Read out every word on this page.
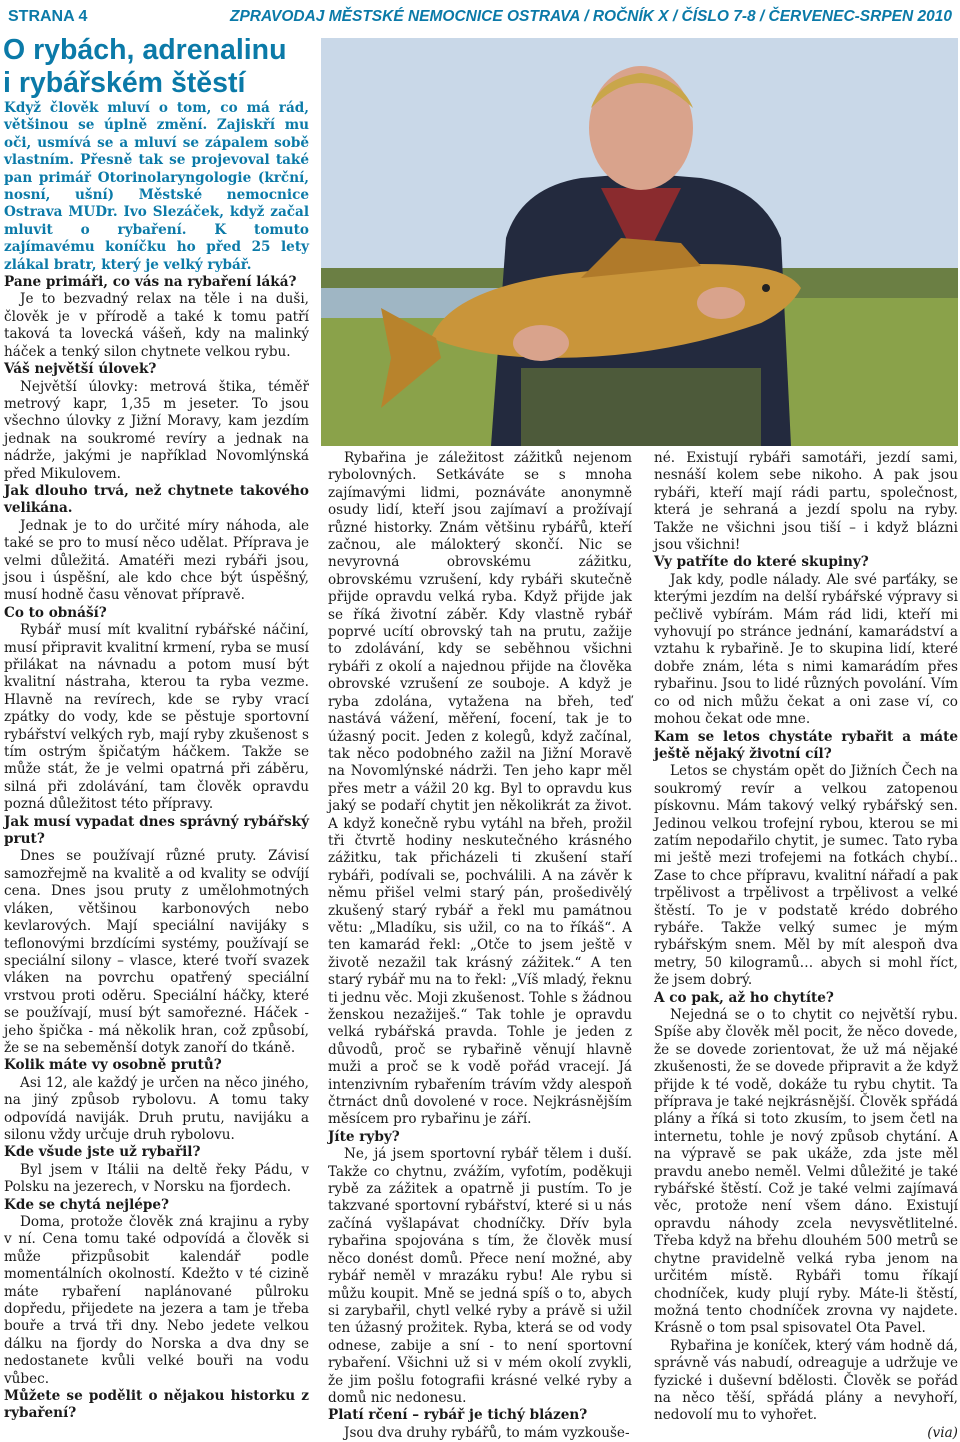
STRANA 4	ZPRAVODAJ MĚSTSKÉ NEMOCNICE OSTRAVA / ROČNÍK X / ČÍSLO 7-8 / ČERVENEC-SRPEN 2010
O rybách, adrenalinu
i rybářském štěstí

Když člověk mluví o tom, co má rád, většinou se úplně změní. Zajiskří mu oči, usmívá se a mluví se zápalem sobě vlastním. Přesně tak se projevoval také pan primář Otorinolaryngologie (krční, nosní, ušní) Městské nemocnice Ostrava MUDr. Ivo Slezáček, když začal mluvit o rybaření. K tomuto zajímavému koníčku ho před 25 lety zlákal bratr, který je velký rybář.

Pane primáři, co vás na rybaření láká?

Je to bezvadný relax na těle i na duši, člověk je v přírodě a také k tomu patří taková ta lovecká vášeň, kdy na malinký háček a tenký silon chytnete velkou rybu.

Váš největší úlovek?

Největší úlovky: metrová štika, téměř metrový kapr, 1,35 m jeseter. To jsou všechno úlovky z Jižní Moravy, kam jezdím jednak na soukromé revíry a jednak na nádrže, jakými je například Novomlýnská před Mikulovem.

Jak dlouho trvá, než chytnete takového velikána.

Jednak je to do určité míry náhoda, ale také se pro to musí něco udělat. Příprava je velmi důležitá. Amatéři mezi rybáři jsou, jsou i úspěšní, ale kdo chce být úspěšný, musí hodně času věnovat přípravě.

Co to obnáší?

Rybář musí mít kvalitní rybářské náčiní, musí připravit kvalitní krmení, ryba se musí přilákat na návnadu a potom musí být kvalitní nástraha, kterou ta ryba vezme. Hlavně na revírech, kde se ryby vrací zpátky do vody, kde se pěstuje sportovní rybářství velkých ryb, mají ryby zkušenost s tím ostrým špičatým háčkem. Takže se může stát, že je velmi opatrná při záběru, silná při zdolávání, tam člověk opravdu pozná důležitost této přípravy.

Jak musí vypadat dnes správný rybářský prut?

Dnes se používají různé pruty. Závisí samozřejmě na kvalitě a od kvality se odvíjí cena. Dnes jsou pruty z umělohmotných vláken, většinou karbonových nebo kevlarových. Mají speciální navijáky s teflonovými brzdícími systémy, používají se speciální silony – vlasce, které tvoří svazek vláken na povrchu opatřený speciální vrstvou proti oděru. Speciální háčky, které se používají, musí být samořezné. Háček - jeho špička - má několik hran, což způsobí, že se na sebeměnší dotyk zanoří do tkáně.

Kolik máte vy osobně prutů?

Asi 12, ale každý je určen na něco jiného, na jiný způsob rybolovu. A tomu taky odpovídá naviják. Druh prutu, navijáku a silonu vždy určuje druh rybolovu.

Kde všude jste už rybařil?

Byl jsem v Itálii na deltě řeky Pádu, v Polsku na jezerech, v Norsku na fjordech.

Kde se chytá nejlépe?

Doma, protože člověk zná krajinu a ryby v ní. Cena tomu také odpovídá a člověk si může přizpůsobit kalendář podle momentálních okolností. Kdežto v té cizině máte rybaření naplánované půlroku dopředu, přijedete na jezera a tam je třeba bouře a trvá tři dny. Nebo jedete velkou dálku na fjordy do Norska a dva dny se nedostanete kvůli velké bouři na vodu vůbec.

Můžete se podělit o nějakou historku z rybaření?

Rybařina je záležitost zážitků nejenom rybolovných. Setkáváte se s mnoha zajímavými lidmi, poznáváte anonymně osudy lidí, kteří jsou zajímaví a prožívají různé historky. Znám většinu rybářů, kteří začnou, ale málokterý skončí. Nic se nevyrovná obrovskému zážitku, obrovskému vzrušení, kdy rybáři skutečně přijde opravdu velká ryba. Když přijde jak se říká životní záběr. Kdy vlastně rybář poprvé ucítí obrovský tah na prutu, zažije to zdolávání, kdy se seběhnou všichni rybáři z okolí a najednou přijde na člověka obrovské vzrušení ze souboje. A když je ryba zdolána, vytažena na břeh, teď nastává vážení, měření, focení, tak je to úžasný pocit. Jeden z kolegů, když začínal, tak něco podobného zažil na Jižní Moravě na Novomlýnské nádrži. Ten jeho kapr měl přes metr a vážil 20 kg. Byl to opravdu kus jaký se podaří chytit jen několikrát za život. A když konečně rybu vytáhl na břeh, prožil tři čtvrtě hodiny neskutečného krásného zážitku, tak přicházeli ti zkušení staří rybáři, podívali se, pochválili. A na závěr k němu přišel velmi starý pán, prošedivělý zkušený starý rybář a řekl mu památnou větu: „Mladíku, sis užil, co na to říkáš“. A ten kamarád řekl: „Otče to jsem ještě v životě nezažil tak krásný zážitek.“ A ten starý rybář mu na to řekl: „Víš mladý, řeknu ti jednu věc. Moji zkušenost. Tohle s žádnou ženskou nezažiješ.“ Tak tohle je opravdu velká rybářská pravda. Tohle je jeden z důvodů, proč se rybařině věnují hlavně muži a proč se k vodě pořád vracejí. Já intenzivním rybařením trávím vždy alespoň čtrnáct dnů dovolené v roce. Nejkrásnějším měsícem pro rybařinu je září.

Jíte ryby?

Ne, já jsem sportovní rybář tělem i duší. Takže co chytnu, zvážím, vyfotím, poděkuji rybě za zážitek a opatrně ji pustím. To je takzvané sportovní rybářství, které si u nás začíná vyšlapávat chodníčky. Dřív byla rybařina spojována s tím, že člověk musí něco donést domů. Přece není možné, aby rybář neměl v mrazáku rybu! Ale rybu si můžu koupit. Mně se jedná spíš o to, abych si zarybařil, chytl velké ryby a právě si užil ten úžasný prožitek. Ryba, která se od vody odnese, zabije a sní - to není sportovní rybaření. Všichni už si v mém okolí zvykli, že jim pošlu fotografii krásné velké ryby a domů nic nedonesu.

Platí rčení – rybář je tichý blázen?

Jsou dva druhy rybářů, to mám vyzkouše-

né. Existují rybáři samotáři, jezdí sami, nesnáší kolem sebe nikoho. A pak jsou rybáři, kteří mají rádi partu, společnost, která je sehraná a jezdí spolu na ryby. Takže ne všichni jsou tiší – i když blázni jsou všichni!

Vy patříte do které skupiny?

Jak kdy, podle nálady. Ale své parťáky, se kterými jezdím na delší rybářské výpravy si pečlivě vybírám. Mám rád lidi, kteří mi vyhovují po stránce jednání, kamarádství a vztahu k rybařině. Je to skupina lidí, které dobře znám, léta s nimi kamarádím přes rybařinu. Jsou to lidé různých povolání. Vím co od nich můžu čekat a oni zase ví, co mohou čekat ode mne.

Kam se letos chystáte rybařit a máte ještě nějaký životní cíl?

Letos se chystám opět do Jižních Čech na soukromý revír a velkou zatopenou pískovnu. Mám takový velký rybářský sen. Jedinou velkou trofejní rybou, kterou se mi zatím nepodařilo chytit, je sumec. Tato ryba mi ještě mezi trofejemi na fotkách chybí.. Zase to chce přípravu, kvalitní nářadí a pak trpělivost a trpělivost a trpělivost a velké štěstí. To je v podstatě krédo dobrého rybáře. Takže velký sumec je mým rybářským snem. Měl by mít alespoň dva metry, 50 kilogramů… abych si mohl říct, že jsem dobrý.

A co pak, až ho chytíte?

Nejedná se o to chytit co největší rybu. Spíše aby člověk měl pocit, že něco dovede, že se dovede zorientovat, že už má nějaké zkušenosti, že se dovede připravit a že když přijde k té vodě, dokáže tu rybu chytit. Ta příprava je také nejkrásnější. Člověk spřádá plány a říká si toto zkusím, to jsem četl na internetu, tohle je nový způsob chytání. A na výpravě se pak ukáže, zda jste měl pravdu anebo neměl. Velmi důležité je také rybářské štěstí. Což je také velmi zajímavá věc, protože není všem dáno. Existují opravdu náhody zcela nevysvětlitelné. Třeba když na břehu dlouhém 500 metrů se chytne pravidelně velká ryba jenom na určitém místě. Rybáři tomu říkají chodníček, kudy plují ryby. Máte-li štěstí, možná tento chodníček zrovna vy najdete. Krásně o tom psal spisovatel Ota Pavel.

Rybařina je koníček, který vám hodně dá, správně vás nabudí, odreaguje a udržuje ve fyzické i duševní bdělosti. Člověk se pořád na něco těší, spřádá plány a nevyhoří, nedovolí mu to vyhořet.

(via)
